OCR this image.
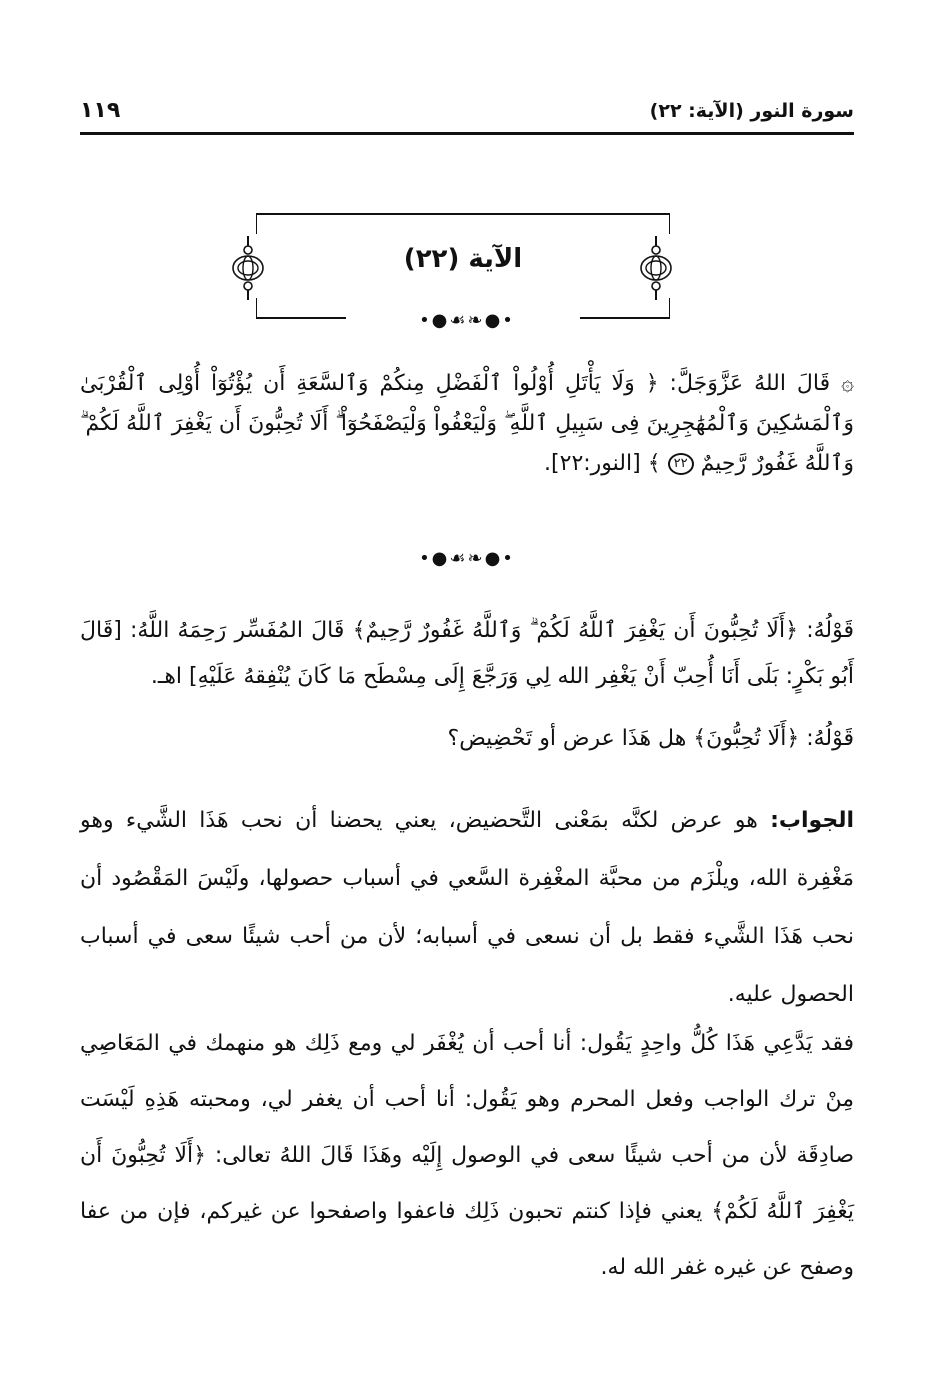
سورة النور (الآية: ٢٢)
١١٩
الآية (٢٢)
•●☙❧●•
۞ قَالَ اللهُ عَزَّوَجَلَّ: ﴿ وَلَا يَأْتَلِ أُوْلُواْ ٱلْفَضْلِ مِنكُمْ وَٱلسَّعَةِ أَن يُؤْتُوٓاْ أُوْلِى ٱلْقُرْبَىٰ وَٱلْمَسَٰكِينَ وَٱلْمُهَٰجِرِينَ فِى سَبِيلِ ٱللَّهِ ۖ وَلْيَعْفُواْ وَلْيَصْفَحُوٓاْ ۗ أَلَا تُحِبُّونَ أَن يَغْفِرَ ٱللَّهُ لَكُمْ ۗ وَٱللَّهُ غَفُورٌ رَّحِيمٌ ٢٢ ﴾ [النور:٢٢].
•●☙❧●•
قَوْلُهُ: ﴿أَلَا تُحِبُّونَ أَن يَغْفِرَ ٱللَّهُ لَكُمْ ۗ وَٱللَّهُ غَفُورٌ رَّحِيمٌ﴾ قَالَ المُفَسِّر رَحِمَهُ اللَّهُ: [قَالَ أَبُو بَكْرٍ: بَلَى أَنَا أُحِبّ أَنْ يَغْفِر الله لِي وَرَجَّعَ إِلَى مِسْطَح مَا كَانَ يُنْفِقهُ عَلَيْهِ] اهـ.
قَوْلُهُ: ﴿أَلَا تُحِبُّونَ﴾ هل هَذَا عرض أو تَحْضِيض؟
الجواب: هو عرض لكنَّه بمَعْنى التَّحضيض، يعني يحضنا أن نحب هَذَا الشَّيء وهو مَغْفِرة الله، ويلْزَم من محبَّة المغْفِرة السَّعي في أسباب حصولها، ولَيْسَ المَقْصُود أن نحب هَذَا الشَّيء فقط بل أن نسعى في أسبابه؛ لأن من أحب شيئًا سعى في أسباب الحصول عليه.
فقد يَدَّعِي هَذَا كُلُّ واحِدٍ يَقُول: أنا أحب أن يُغْفَر لي ومع ذَلِك هو منهمك في المَعَاصِي مِنْ ترك الواجب وفعل المحرم وهو يَقُول: أنا أحب أن يغفر لي، ومحبته هَذِهِ لَيْسَت صادِقَة لأن من أحب شيئًا سعى في الوصول إِلَيْه وهَذَا قَالَ اللهُ تعالى: ﴿أَلَا تُحِبُّونَ أَن يَغْفِرَ ٱللَّهُ لَكُمْ﴾ يعني فإذا كنتم تحبون ذَلِك فاعفوا واصفحوا عن غيركم، فإن من عفا وصفح عن غيره غفر الله له.
